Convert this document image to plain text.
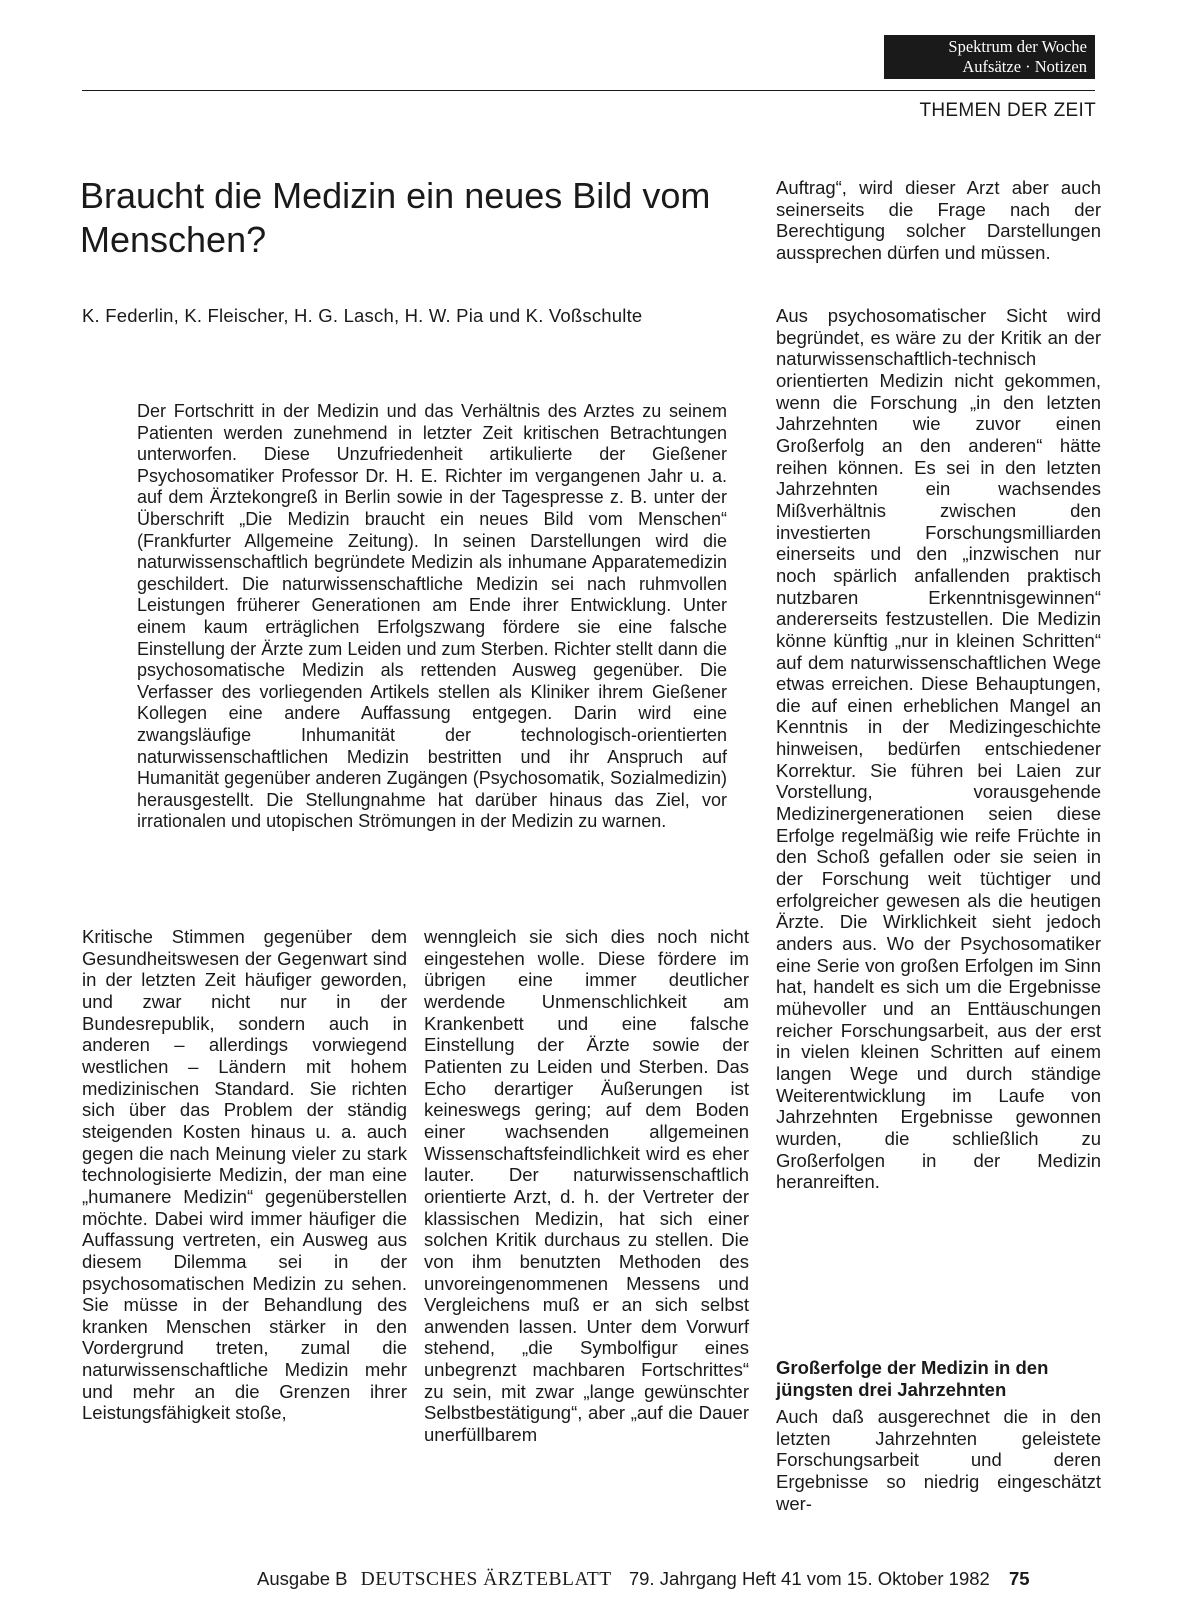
Spektrum der Woche
Aufsätze · Notizen
THEMEN DER ZEIT
Braucht die Medizin ein neues Bild vom Menschen?
K. Federlin, K. Fleischer, H. G. Lasch, H. W. Pia und K. Voßschulte

Der Fortschritt in der Medizin und das Verhältnis des Arztes zu seinem Patienten werden zunehmend in letzter Zeit kritischen Betrachtungen unterworfen. Diese Unzufriedenheit artikulierte der Gießener Psychosomatiker Professor Dr. H. E. Richter im vergangenen Jahr u. a. auf dem Ärztekongreß in Berlin sowie in der Tagespresse z. B. unter der Überschrift „Die Medizin braucht ein neues Bild vom Menschen“ (Frankfurter Allgemeine Zeitung). In seinen Darstellungen wird die naturwissenschaftlich begründete Medizin als inhumane Apparatemedizin geschildert. Die naturwissenschaftliche Medizin sei nach ruhmvollen Leistungen früherer Generationen am Ende ihrer Entwicklung. Unter einem kaum erträglichen Erfolgszwang fördere sie eine falsche Einstellung der Ärzte zum Leiden und zum Sterben. Richter stellt dann die psychosomatische Medizin als rettenden Ausweg gegenüber. Die Verfasser des vorliegenden Artikels stellen als Kliniker ihrem Gießener Kollegen eine andere Auffassung entgegen. Darin wird eine zwangsläufige Inhumanität der technologisch-orientierten naturwissenschaftlichen Medizin bestritten und ihr Anspruch auf Humanität gegenüber anderen Zugängen (Psychosomatik, Sozialmedizin) herausgestellt. Die Stellungnahme hat darüber hinaus das Ziel, vor irrationalen und utopischen Strömungen in der Medizin zu warnen.

Kritische Stimmen gegenüber dem Gesundheitswesen der Gegenwart sind in der letzten Zeit häufiger geworden, und zwar nicht nur in der Bundesrepublik, sondern auch in anderen – allerdings vorwiegend westlichen – Ländern mit hohem medizinischen Standard. Sie richten sich über das Problem der ständig steigenden Kosten hinaus u. a. auch gegen die nach Meinung vieler zu stark technologisierte Medizin, der man eine „humanere Medizin“ gegenüberstellen möchte. Dabei wird immer häufiger die Auffassung vertreten, ein Ausweg aus diesem Dilemma sei in der psychosomatischen Medizin zu sehen. Sie müsse in der Behandlung des kranken Menschen stärker in den Vordergrund treten, zumal die naturwissenschaftliche Medizin mehr und mehr an die Grenzen ihrer Leistungsfähigkeit stoße,

wenngleich sie sich dies noch nicht eingestehen wolle. Diese fördere im übrigen eine immer deutlicher werdende Unmenschlichkeit am Krankenbett und eine falsche Einstellung der Ärzte sowie der Patienten zu Leiden und Sterben. Das Echo derartiger Äußerungen ist keineswegs gering; auf dem Boden einer wachsenden allgemeinen Wissenschaftsfeindlichkeit wird es eher lauter. Der naturwissenschaftlich orientierte Arzt, d. h. der Vertreter der klassischen Medizin, hat sich einer solchen Kritik durchaus zu stellen. Die von ihm benutzten Methoden des unvoreingenommenen Messens und Vergleichens muß er an sich selbst anwenden lassen. Unter dem Vorwurf stehend, „die Symbolfigur eines unbegrenzt machbaren Fortschrittes“ zu sein, mit zwar „lange gewünschter Selbstbestätigung“, aber „auf die Dauer unerfüllbarem

Auftrag“, wird dieser Arzt aber auch seinerseits die Frage nach der Berechtigung solcher Darstellungen aussprechen dürfen und müssen.

Aus psychosomatischer Sicht wird begründet, es wäre zu der Kritik an der naturwissenschaftlich-technisch orientierten Medizin nicht gekommen, wenn die Forschung „in den letzten Jahrzehnten wie zuvor einen Großerfolg an den anderen“ hätte reihen können. Es sei in den letzten Jahrzehnten ein wachsendes Mißverhältnis zwischen den investierten Forschungsmilliarden einerseits und den „inzwischen nur noch spärlich anfallenden praktisch nutzbaren Erkenntnisgewinnen“ andererseits festzustellen. Die Medizin könne künftig „nur in kleinen Schritten“ auf dem naturwissenschaftlichen Wege etwas erreichen. Diese Behauptungen, die auf einen erheblichen Mangel an Kenntnis in der Medizingeschichte hinweisen, bedürfen entschiedener Korrektur. Sie führen bei Laien zur Vorstellung, vorausgehende Medizinergenerationen seien diese Erfolge regelmäßig wie reife Früchte in den Schoß gefallen oder sie seien in der Forschung weit tüchtiger und erfolgreicher gewesen als die heutigen Ärzte. Die Wirklichkeit sieht jedoch anders aus. Wo der Psychosomatiker eine Serie von großen Erfolgen im Sinn hat, handelt es sich um die Ergebnisse mühevoller und an Enttäuschungen reicher Forschungsarbeit, aus der erst in vielen kleinen Schritten auf einem langen Wege und durch ständige Weiterentwicklung im Laufe von Jahrzehnten Ergebnisse gewonnen wurden, die schließlich zu Großerfolgen in der Medizin heranreiften.

Großerfolge der Medizin in den jüngsten drei Jahrzehnten

Auch daß ausgerechnet die in den letzten Jahrzehnten geleistete Forschungsarbeit und deren Ergebnisse so niedrig eingeschätzt wer-

Ausgabe B DEUTSCHES ÄRZTEBLATT 79. Jahrgang Heft 41 vom 15. Oktober 1982 75
